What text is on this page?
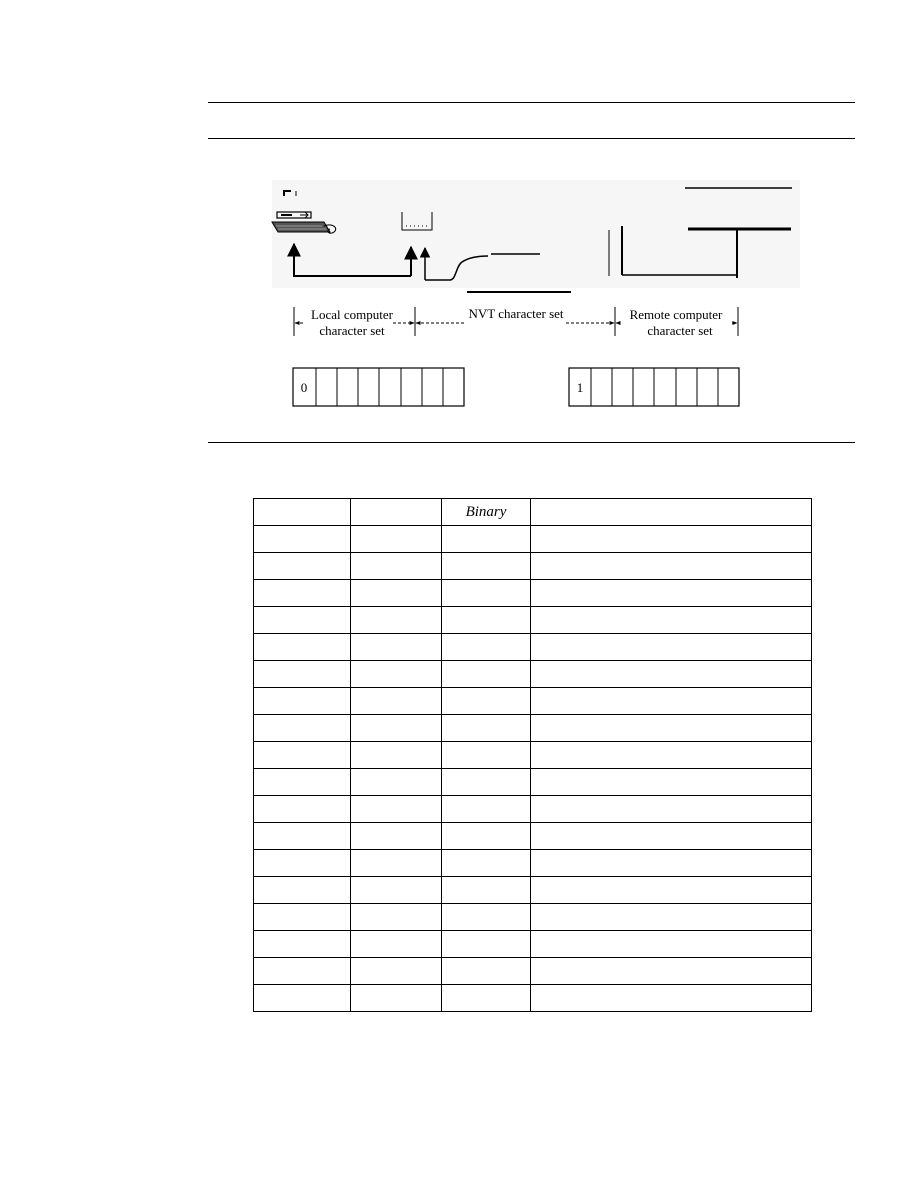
Local computer
character set
NVT character set	Remote computer
character set
0	1
		Binary	
